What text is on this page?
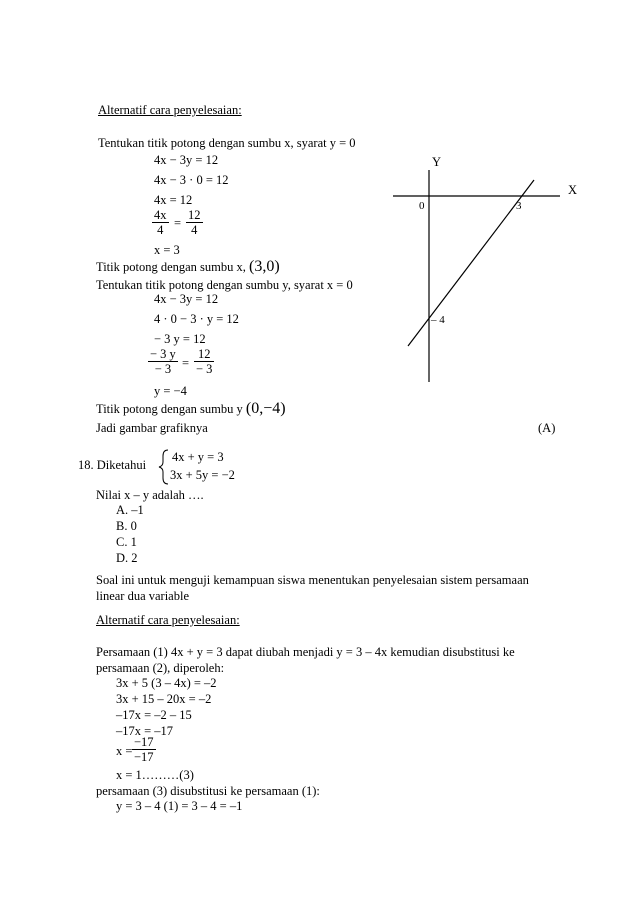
Alternatif cara penyelesaian:
Tentukan titik potong dengan sumbu x, syarat y = 0
4x − 3y = 12
4x − 3 · 0 = 12
4x = 12
$\frac{4x}{4} = \frac{12}{4}$
x = 3
Titik potong dengan sumbu x, (3,0)
Tentukan titik potong dengan sumbu y, syarat x = 0
4x − 3y = 12
4 · 0 − 3 · y = 12
− 3 y = 12
$\frac{- 3 y}{- 3} = \frac{12}{- 3}$
y = −4
Titik potong dengan sumbu y (0,−4)
Jadi gambar grafiknya	(A)
Y
X
0	3
– 4
18. Diketahui
4x + y = 3
3x + 5y = −2
Nilai x – y adalah ….
A. –1
B. 0
C. 1
D. 2
Soal ini untuk menguji kemampuan siswa menentukan penyelesaian sistem persamaan
linear dua variable
Alternatif cara penyelesaian:
Persamaan (1) 4x + y = 3 dapat diubah menjadi y = 3 – 4x kemudian disubstitusi ke
persamaan (2), diperoleh:
3x + 5 (3 – 4x) = –2
3x + 15 – 20x = –2
–17x = –2 – 15
–17x = –17
$x = \frac{-17}{-17}$
x = 1………(3)
persamaan (3) disubstitusi ke persamaan (1):
y = 3 – 4 (1) = 3 – 4 = –1
